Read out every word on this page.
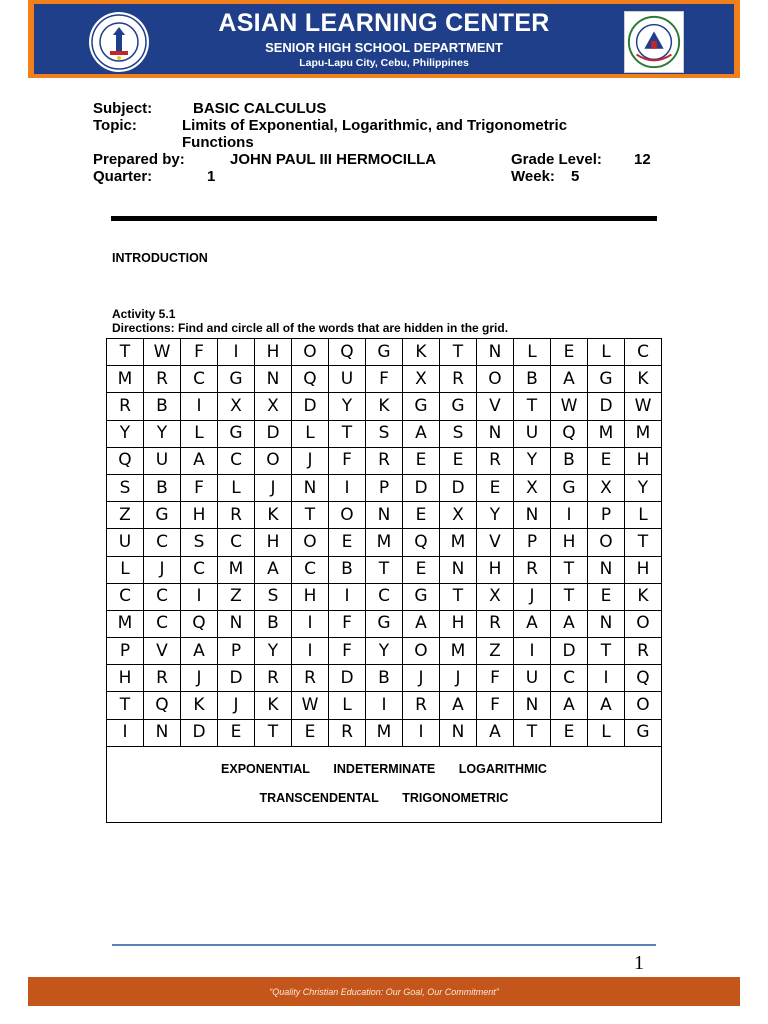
ASIAN LEARNING CENTER
SENIOR HIGH SCHOOL DEPARTMENT
Lapu-Lapu City, Cebu, Philippines
Subject:	BASIC CALCULUS
Topic:	Limits of Exponential, Logarithmic, and Trigonometric
Functions
Prepared by:	JOHN PAUL III HERMOCILLA	Grade Level: 12
Quarter:	1	Week: 5
INTRODUCTION
Activity 5.1
Directions: Find and circle all of the words that are hidden in the grid.
T	W	F	I	H	O	Q	G	K	T	N	L	E	L	C
M	R	C	G	N	Q	U	F	X	R	O	B	A	G	K
R	B	I	X	X	D	Y	K	G	G	V	T	W	D	W
Y	Y	L	G	D	L	T	S	A	S	N	U	Q	M	M
Q	U	A	C	O	J	F	R	E	E	R	Y	B	E	H
S	B	F	L	J	N	I	P	D	D	E	X	G	X	Y
Z	G	H	R	K	T	O	N	E	X	Y	N	I	P	L
U	C	S	C	H	O	E	M	Q	M	V	P	H	O	T
L	J	C	M	A	C	B	T	E	N	H	R	T	N	H
C	C	I	Z	S	H	I	C	G	T	X	J	T	E	K
M	C	Q	N	B	I	F	G	A	H	R	A	A	N	O
P	V	A	P	Y	I	F	Y	O	M	Z	I	D	T	R
H	R	J	D	R	R	D	B	J	J	F	U	C	I	Q
T	Q	K	J	K	W	L	I	R	A	F	N	A	A	O
I	N	D	E	T	E	R	M	I	N	A	T	E	L	G
EXPONENTIAL INDETERMINATE LOGARITHMIC
TRANSCENDENTAL TRIGONOMETRIC
1
“Quality Christian Education: Our Goal, Our Commitment”
